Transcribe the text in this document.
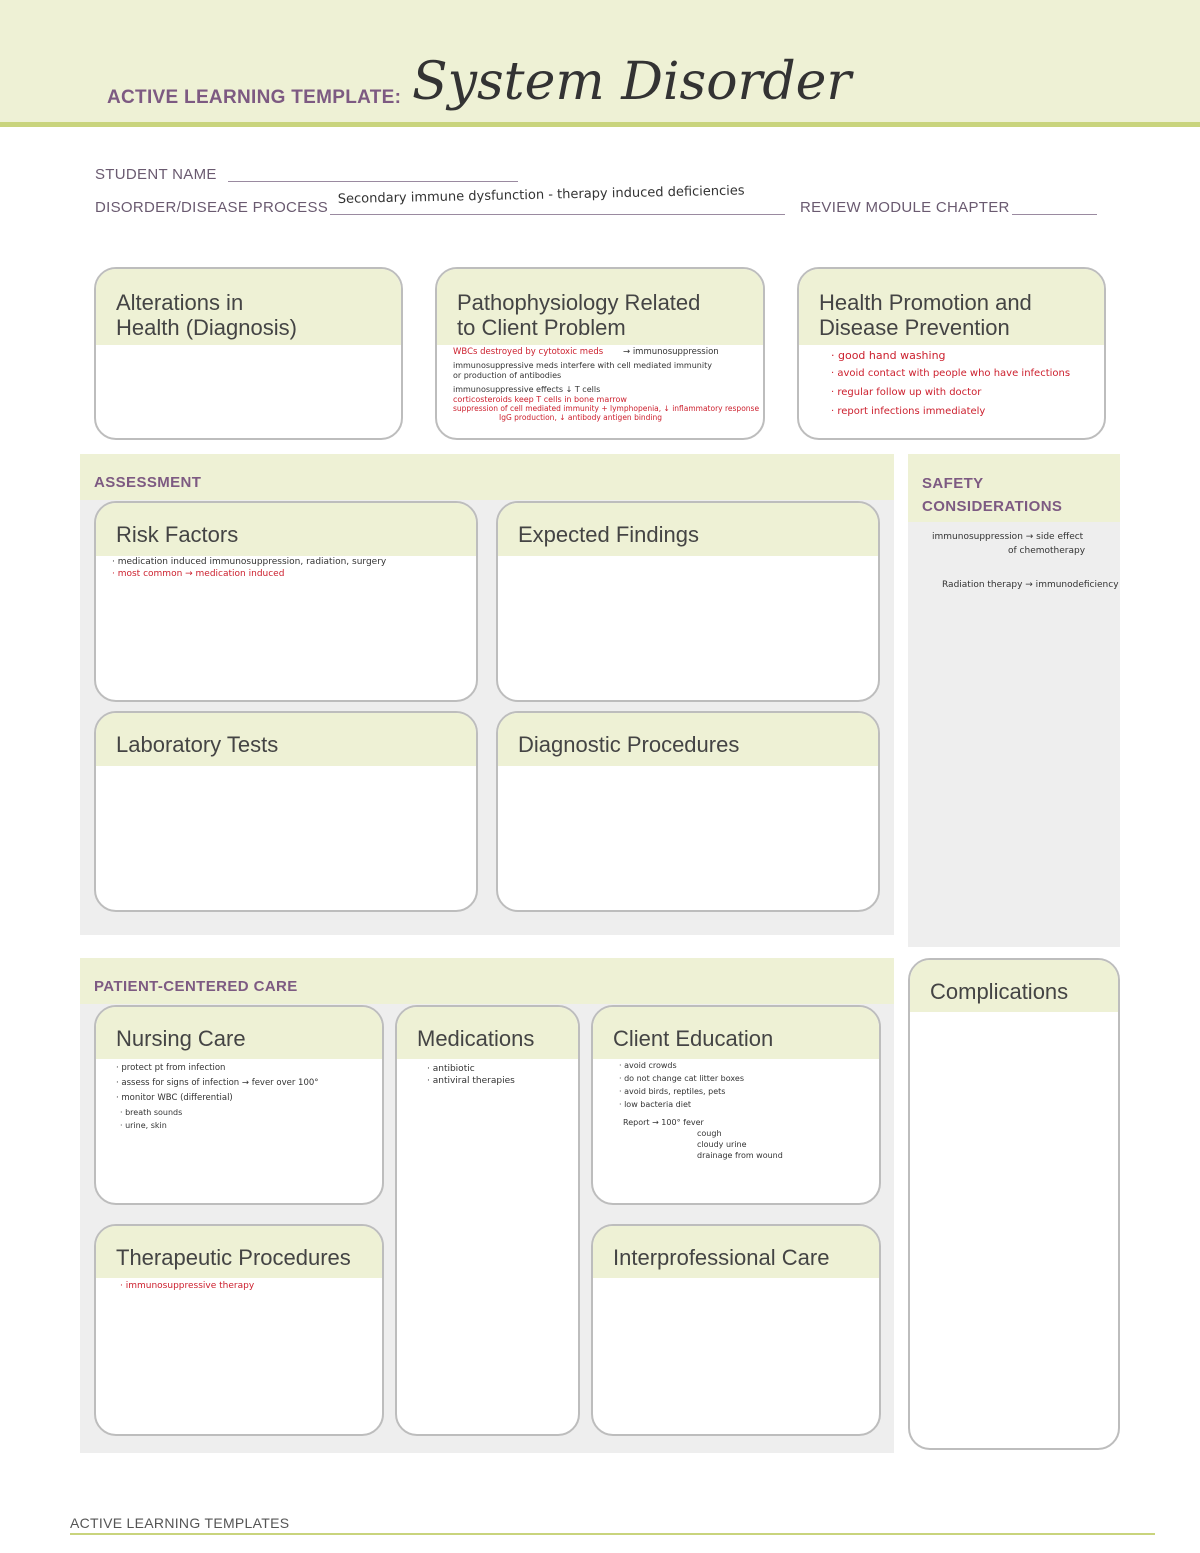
ACTIVE LEARNING TEMPLATE: System Disorder
STUDENT NAME
DISORDER/DISEASE PROCESS
Secondary immune dysfunction - therapy induced deficiencies
REVIEW MODULE CHAPTER
Alterations in
Health (Diagnosis)
Pathophysiology Related
to Client Problem
WBCs destroyed by cytotoxic meds	→ immunosuppression
immunosuppressive meds interfere with cell mediated immunity
or production of antibodies
immunosuppressive effects ↓ T cells
corticosteroids keep T cells in bone marrow
suppression of cell mediated immunity + lymphopenia, ↓ inflammatory response
IgG production, ↓ antibody antigen binding
Health Promotion and
Disease Prevention
· good hand washing
· avoid contact with people who have infections
· regular follow up with doctor
· report infections immediately
ASSESSMENT
Risk Factors
· medication induced immunosuppression, radiation, surgery
· most common → medication induced
Expected Findings
Laboratory Tests	Diagnostic Procedures
SAFETY
CONSIDERATIONS
immunosuppression → side effect
of chemotherapy
Radiation therapy → immunodeficiency
Complications
PATIENT-CENTERED CARE
Nursing Care
· protect pt from infection
· assess for signs of infection → fever over 100°
· monitor WBC (differential)
· breath sounds
· urine, skin
Medications
· antibiotic
· antiviral therapies
Client Education
· avoid crowds
· do not change cat litter boxes
· avoid birds, reptiles, pets
· low bacteria diet
Report → 100° fever
cough
cloudy urine
drainage from wound
Therapeutic Procedures
· immunosuppressive therapy
Interprofessional Care
ACTIVE LEARNING TEMPLATES
